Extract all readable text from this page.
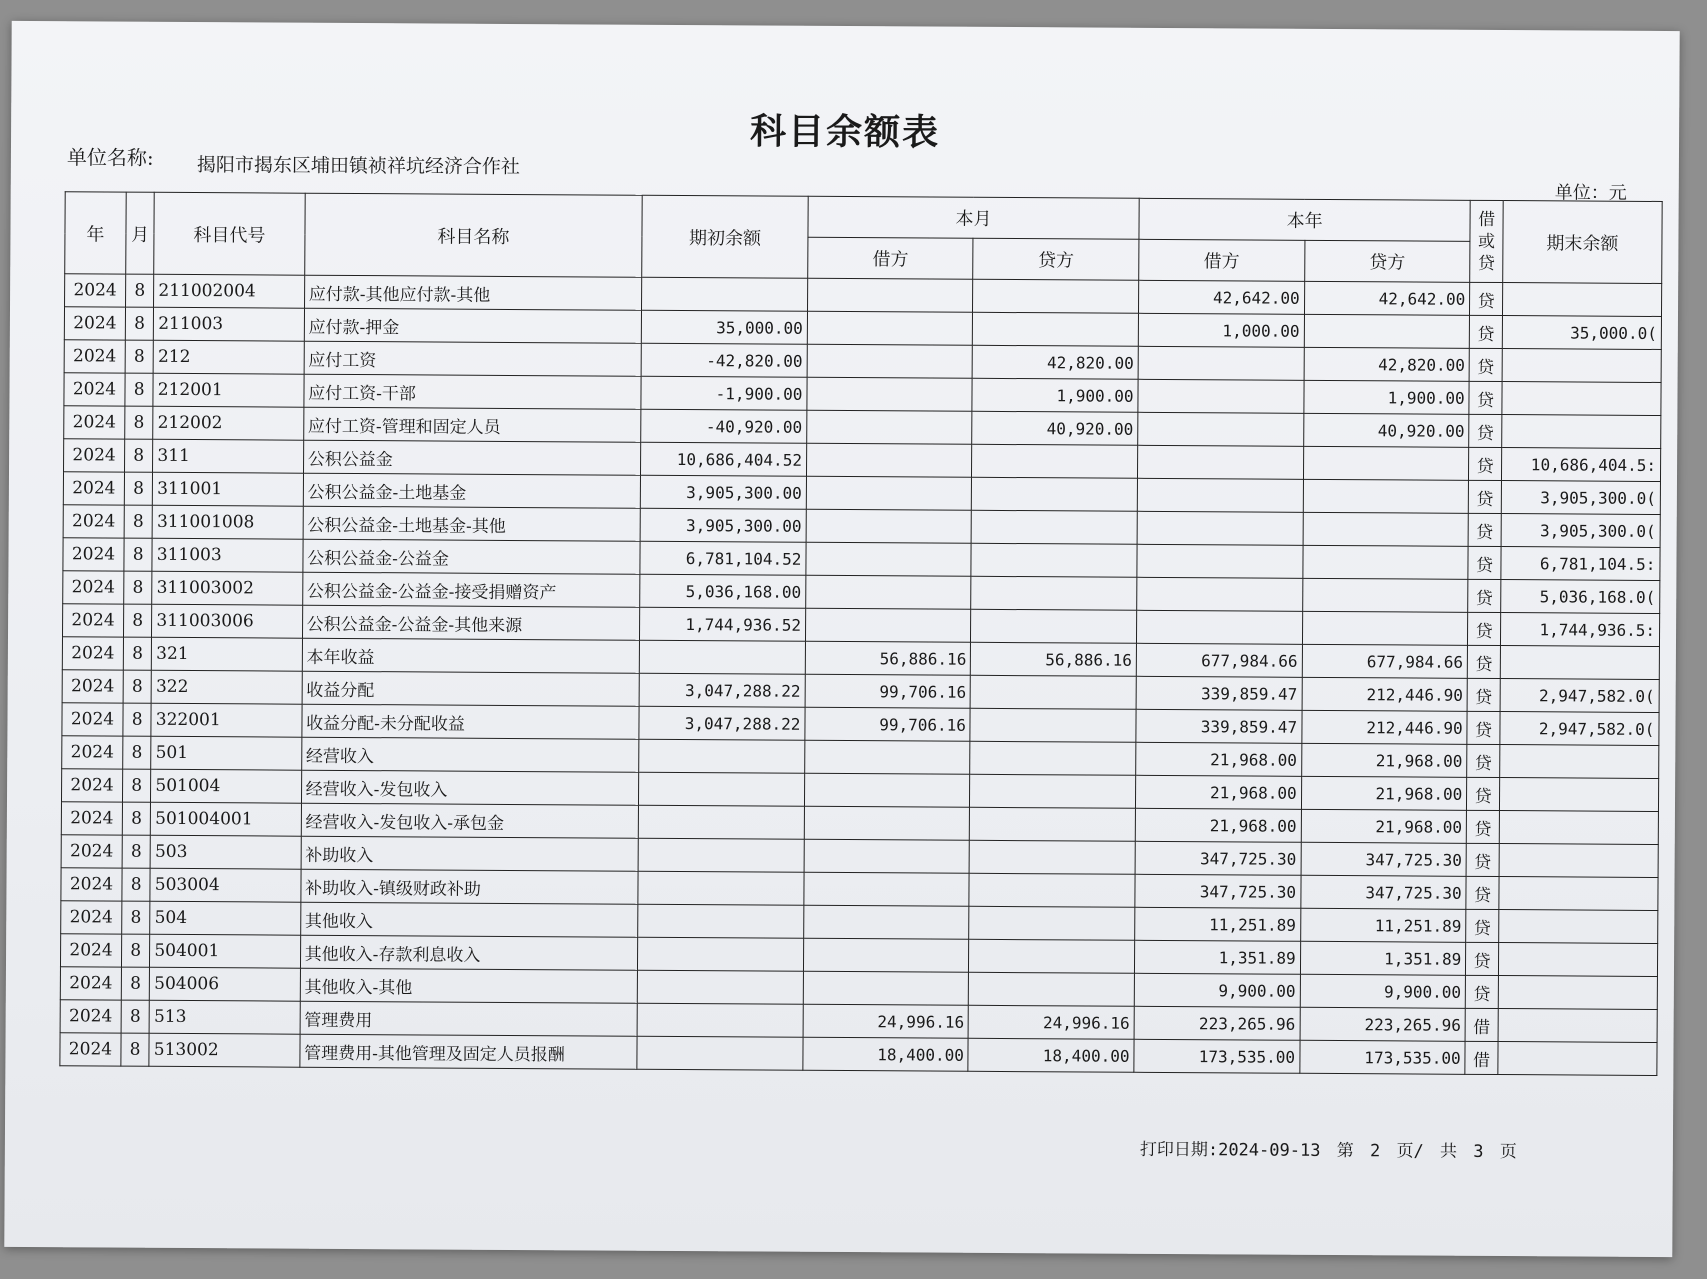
科目余额表
单位名称: 揭阳市揭东区埔田镇祯祥坑经济合作社
单位：元
年	月	科目代号	科目名称	期初余额	本月		本年		借或贷	期末余额
					借方	贷方	借方	贷方		
2024	8	211002004	应付款-其他应付款-其他				42,642.00	42,642.00	贷	
2024	8	211003	应付款-押金	35,000.00			1,000.00		贷	35,000.0(
2024	8	212	应付工资	-42,820.00		42,820.00		42,820.00	贷	
2024	8	212001	应付工资-干部	-1,900.00		1,900.00		1,900.00	贷	
2024	8	212002	应付工资-管理和固定人员	-40,920.00		40,920.00		40,920.00	贷	
2024	8	311	公积公益金	10,686,404.52					贷	10,686,404.5:
2024	8	311001	公积公益金-土地基金	3,905,300.00					贷	3,905,300.0(
2024	8	311001008	公积公益金-土地基金-其他	3,905,300.00					贷	3,905,300.0(
2024	8	311003	公积公益金-公益金	6,781,104.52					贷	6,781,104.5:
2024	8	311003002	公积公益金-公益金-接受捐赠资产	5,036,168.00					贷	5,036,168.0(
2024	8	311003006	公积公益金-公益金-其他来源	1,744,936.52					贷	1,744,936.5:
2024	8	321	本年收益		56,886.16	56,886.16	677,984.66	677,984.66	贷	
2024	8	322	收益分配	3,047,288.22	99,706.16		339,859.47	212,446.90	贷	2,947,582.0(
2024	8	322001	收益分配-未分配收益	3,047,288.22	99,706.16		339,859.47	212,446.90	贷	2,947,582.0(
2024	8	501	经营收入				21,968.00	21,968.00	贷	
2024	8	501004	经营收入-发包收入				21,968.00	21,968.00	贷	
2024	8	501004001	经营收入-发包收入-承包金				21,968.00	21,968.00	贷	
2024	8	503	补助收入				347,725.30	347,725.30	贷	
2024	8	503004	补助收入-镇级财政补助				347,725.30	347,725.30	贷	
2024	8	504	其他收入				11,251.89	11,251.89	贷	
2024	8	504001	其他收入-存款利息收入				1,351.89	1,351.89	贷	
2024	8	504006	其他收入-其他				9,900.00	9,900.00	贷	
2024	8	513	管理费用		24,996.16	24,996.16	223,265.96	223,265.96	借	
2024	8	513002	管理费用-其他管理及固定人员报酬		18,400.00	18,400.00	173,535.00	173,535.00	借	
打印日期:2024-09-13 第 2 页/ 共 3 页
